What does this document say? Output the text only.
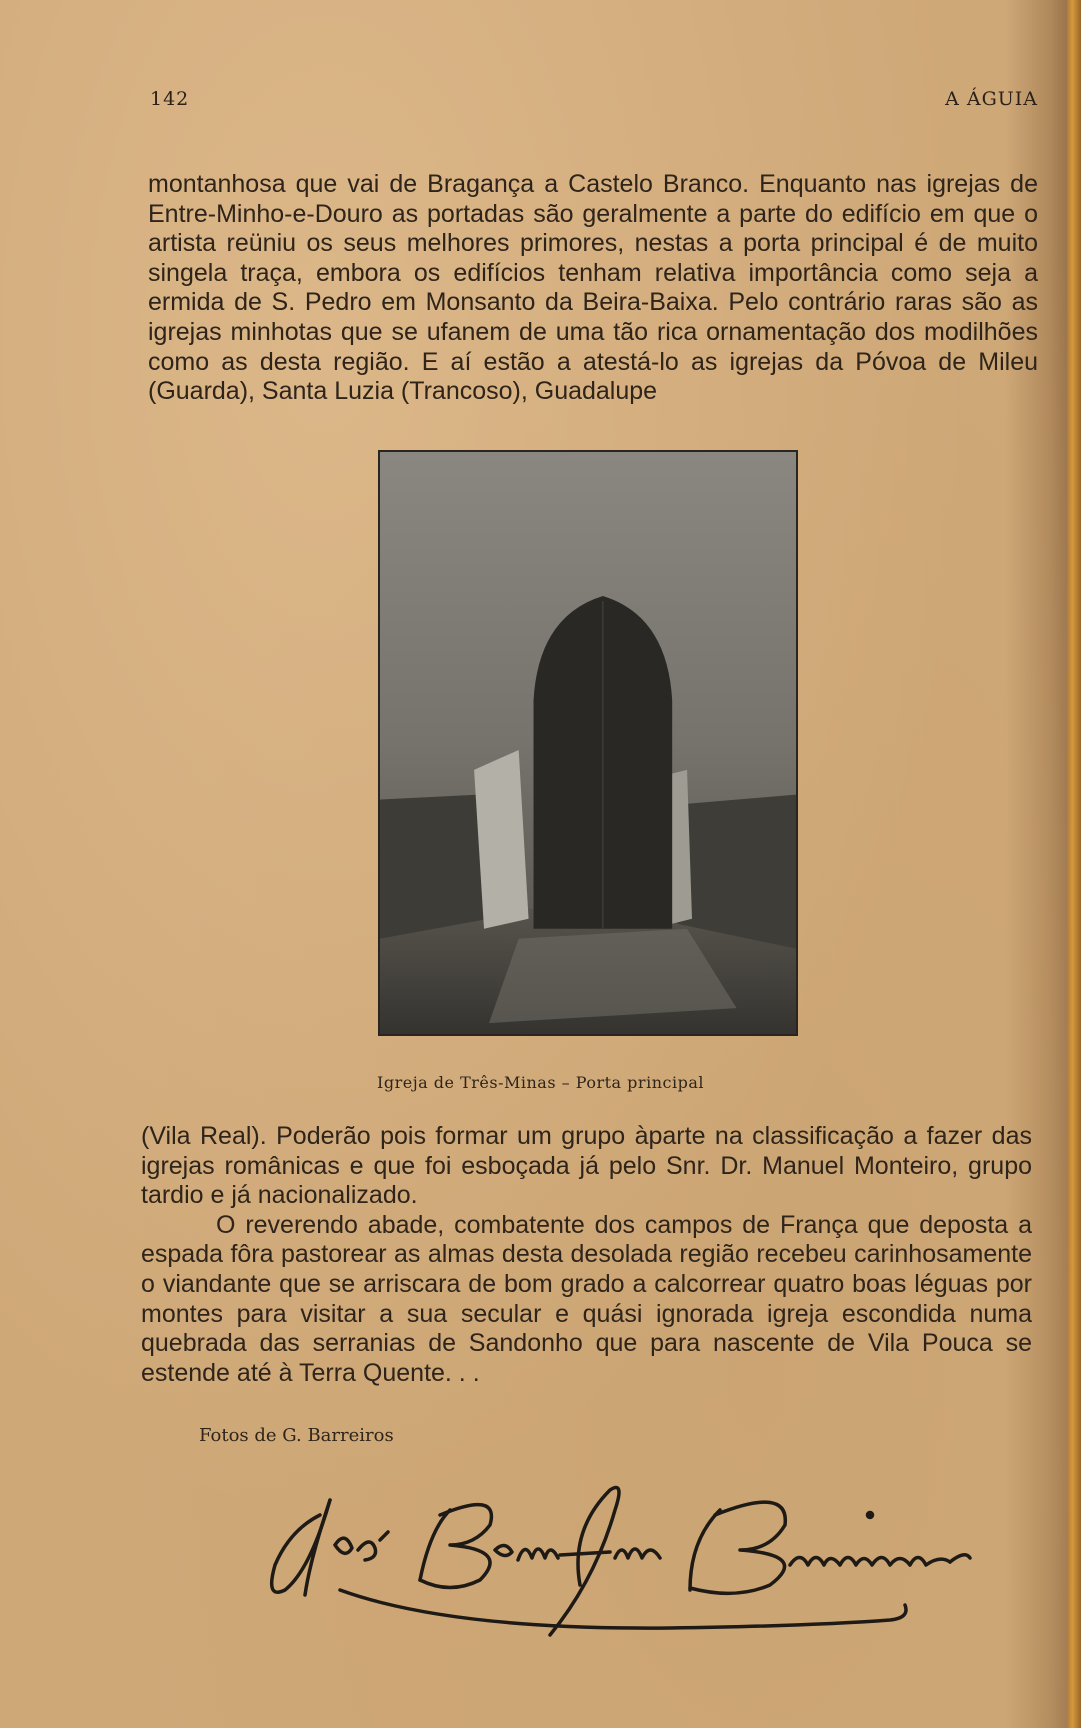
142	A ÁGUIA

montanhosa que vai de Bragança a Castelo Branco. Enquanto nas igrejas de Entre-Minho-e-Douro as portadas são geralmente a parte do edifício em que o artista reüniu os seus melhores primores, nestas a porta principal é de muito singela traça, embora os edifícios tenham relativa importância como seja a ermida de S. Pedro em Monsanto da Beira-Baixa. Pelo contrário raras são as igrejas minhotas que se ufanem de uma tão rica ornamentação dos modilhões como as desta região. E aí estão a atestá-lo as igrejas da Póvoa de Mileu (Guarda), Santa Luzia (Trancoso), Guadalupe

Igreja de Três-Minas – Porta principal

(Vila Real). Poderão pois formar um grupo àparte na classificação a fazer das igrejas românicas e que foi esboçada já pelo Snr. Dr. Manuel Monteiro, grupo tardio e já nacionalizado.

O reverendo abade, combatente dos campos de França que deposta a espada fôra pastorear as almas desta desolada região recebeu carinhosamente o viandante que se arriscara de bom grado a calcorrear quatro boas léguas por montes para visitar a sua secular e quási ignorada igreja escondida numa quebrada das serranias de Sandonho que para nascente de Vila Pouca se estende até à Terra Quente. . .

Fotos de G. Barreiros
